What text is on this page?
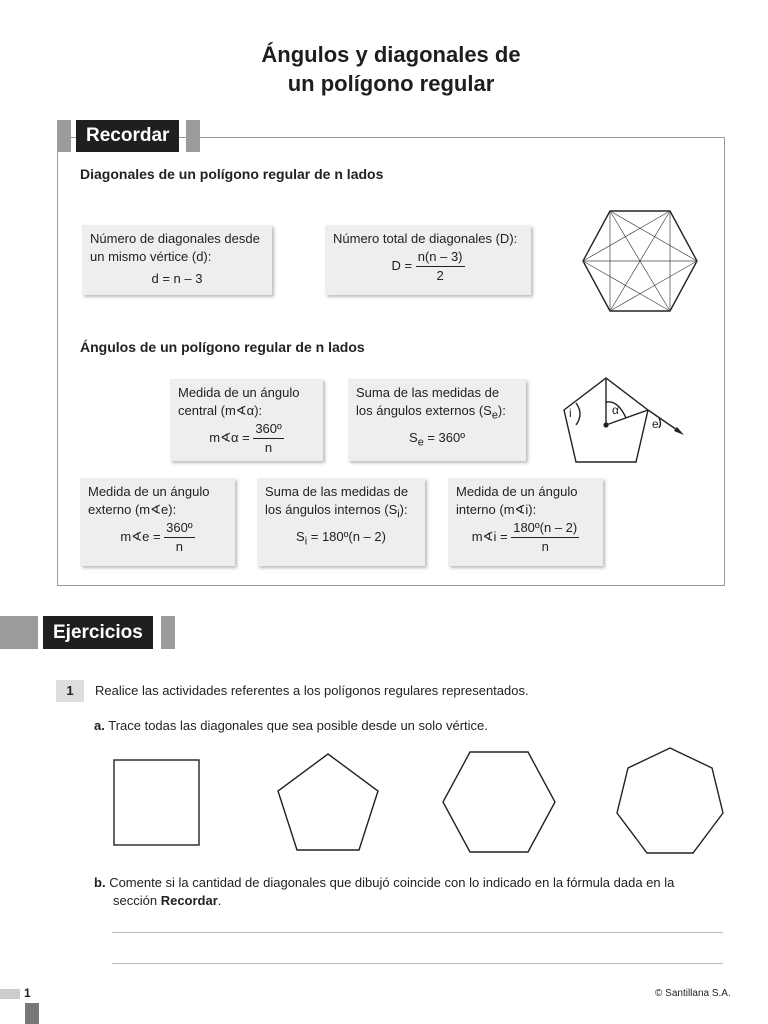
Ángulos y diagonales de
un polígono regular
Recordar
Diagonales de un polígono regular de n lados
Número de diagonales desde
un mismo vértice (d):
d = n – 3
Número total de diagonales (D):
$D = \frac{n(n - 3)}{2}$
Ángulos de un polígono regular de n lados
Medida de un ángulo
central (m∢α):
m∢α = $\frac{\text{360º}}{n}$
Suma de las medidas de
los ángulos externos $(S_e)$:
$S_e$ = 360º
i	α
e
Medida de un ángulo
externo (m∢e):
m∢e = $\frac{\text{360º}}{n}$
Suma de las medidas de
los ángulos internos $(S_i)$:
$S_i$ = 180º(n – 2)
Medida de un ángulo
interno (m∢i):
m∢i = $\frac{\text{180º(n – 2)}}{n}$
Ejercicios
1	Realice las actividades referentes a los polígonos regulares representados.
a. Trace todas las diagonales que sea posible desde un solo vértice.
b. Comente si la cantidad de diagonales que dibujó coincide con lo indicado en la fórmula dada en la
sección Recordar.
1	© Santillana S.A.
